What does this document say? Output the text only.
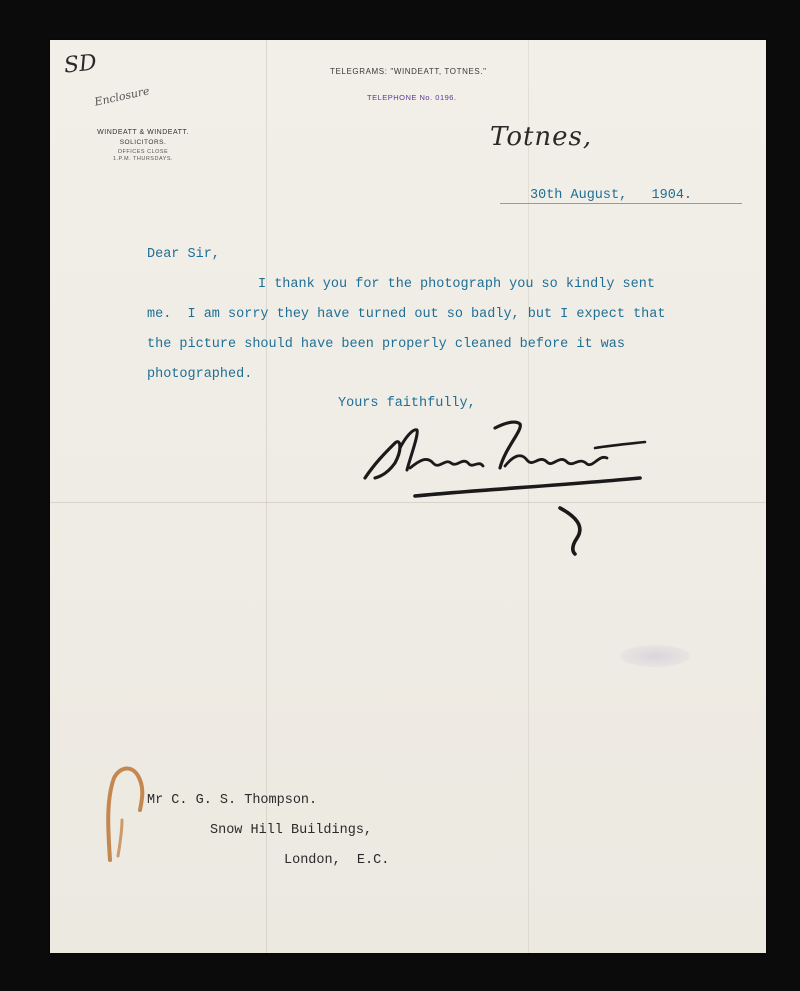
SD
Enclosure
WINDEATT & WINDEATT.
SOLICITORS.
OFFICES CLOSE
1.P.M. THURSDAYS.
TELEGRAMS: "WINDEATT, TOTNES."
TELEPHONE No. 0196.
Totnes,
30th August,   1904.
Dear Sir,
I thank you for the photograph you so kindly sent
me.  I am sorry they have turned out so badly, but I expect that
the picture should have been properly cleaned before it was
photographed.
Yours faithfully,
Mr C. G. S. Thompson.
Snow Hill Buildings,
London,  E.C.
